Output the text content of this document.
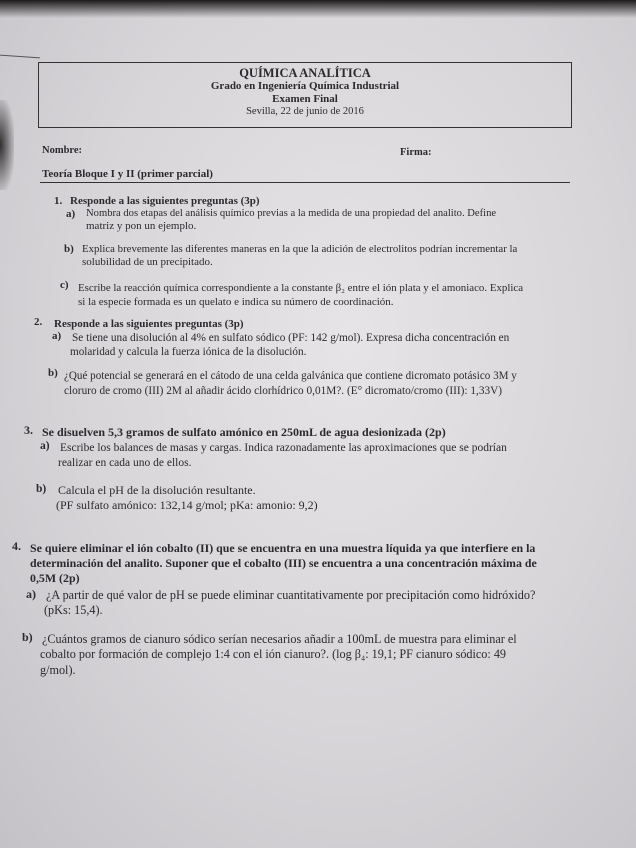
QUÍMICA ANALÍTICA
Grado en Ingeniería Química Industrial
Examen Final
Sevilla, 22 de junio de 2016
Nombre:	Firma:
Teoría Bloque I y II (primer parcial)
1. Responde a las siguientes preguntas (3p)
a) Nombra dos etapas del análisis químico previas a la medida de una propiedad del analito. Define
matriz y pon un ejemplo.
b) Explica brevemente las diferentes maneras en la que la adición de electrolitos podrían incrementar la
solubilidad de un precipitado.
c) Escribe la reacción química correspondiente a la constante β₂ entre el ión plata y el amoniaco. Explica
si la especie formada es un quelato e indica su número de coordinación.
2. Responde a las siguientes preguntas (3p)
a) Se tiene una disolución al 4% en sulfato sódico (PF: 142 g/mol). Expresa dicha concentración en
molaridad y calcula la fuerza iónica de la disolución.
b) ¿Qué potencial se generará en el cátodo de una celda galvánica que contiene dicromato potásico 3M y
cloruro de cromo (III) 2M al añadir ácido clorhídrico 0,01M?. (E° dicromato/cromo (III): 1,33V)
3. Se disuelven 5,3 gramos de sulfato amónico en 250mL de agua desionizada (2p)
a) Escribe los balances de masas y cargas. Indica razonadamente las aproximaciones que se podrían
realizar en cada uno de ellos.
b) Calcula el pH de la disolución resultante.
(PF sulfato amónico: 132,14 g/mol; pKa: amonio: 9,2)
4. Se quiere eliminar el ión cobalto (II) que se encuentra en una muestra líquida ya que interfiere en la
determinación del analito. Suponer que el cobalto (III) se encuentra a una concentración máxima de
0,5M (2p)
a) ¿A partir de qué valor de pH se puede eliminar cuantitativamente por precipitación como hidróxido?
(pKs: 15,4).
b) ¿Cuántos gramos de cianuro sódico serían necesarios añadir a 100mL de muestra para eliminar el
cobalto por formación de complejo 1:4 con el ión cianuro?. (log β₄: 19,1; PF cianuro sódico: 49
g/mol).
